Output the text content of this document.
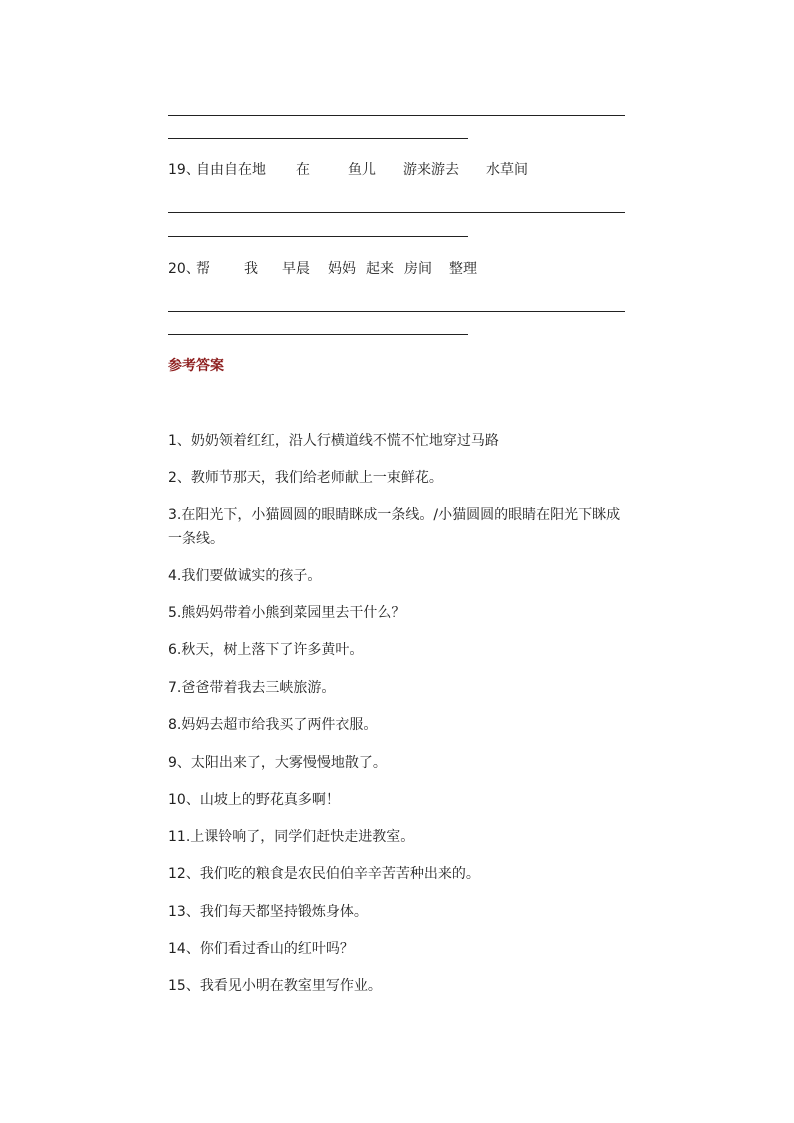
19、
自由自在地 在	鱼儿 游来游去 水草间
20、
帮 我 早晨 妈妈 起来 房间 整理
参考答案
1、奶奶领着红红，沿人行横道线不慌不忙地穿过马路
2、教师节那天，我们给老师献上一束鲜花。
3.在阳光下，小猫圆圆的眼睛眯成一条线。/小猫圆圆的眼睛在阳光下眯成一条线。
4.我们要做诚实的孩子。
5.熊妈妈带着小熊到菜园里去干什么？
6.秋天，树上落下了许多黄叶。
7.爸爸带着我去三峡旅游。
8.妈妈去超市给我买了两件衣服。
9、太阳出来了，大雾慢慢地散了。
10、山坡上的野花真多啊！
11.上课铃响了，同学们赶快走进教室。
12、我们吃的粮食是农民伯伯辛辛苦苦种出来的。
13、我们每天都坚持锻炼身体。
14、你们看过香山的红叶吗？
15、我看见小明在教室里写作业。
